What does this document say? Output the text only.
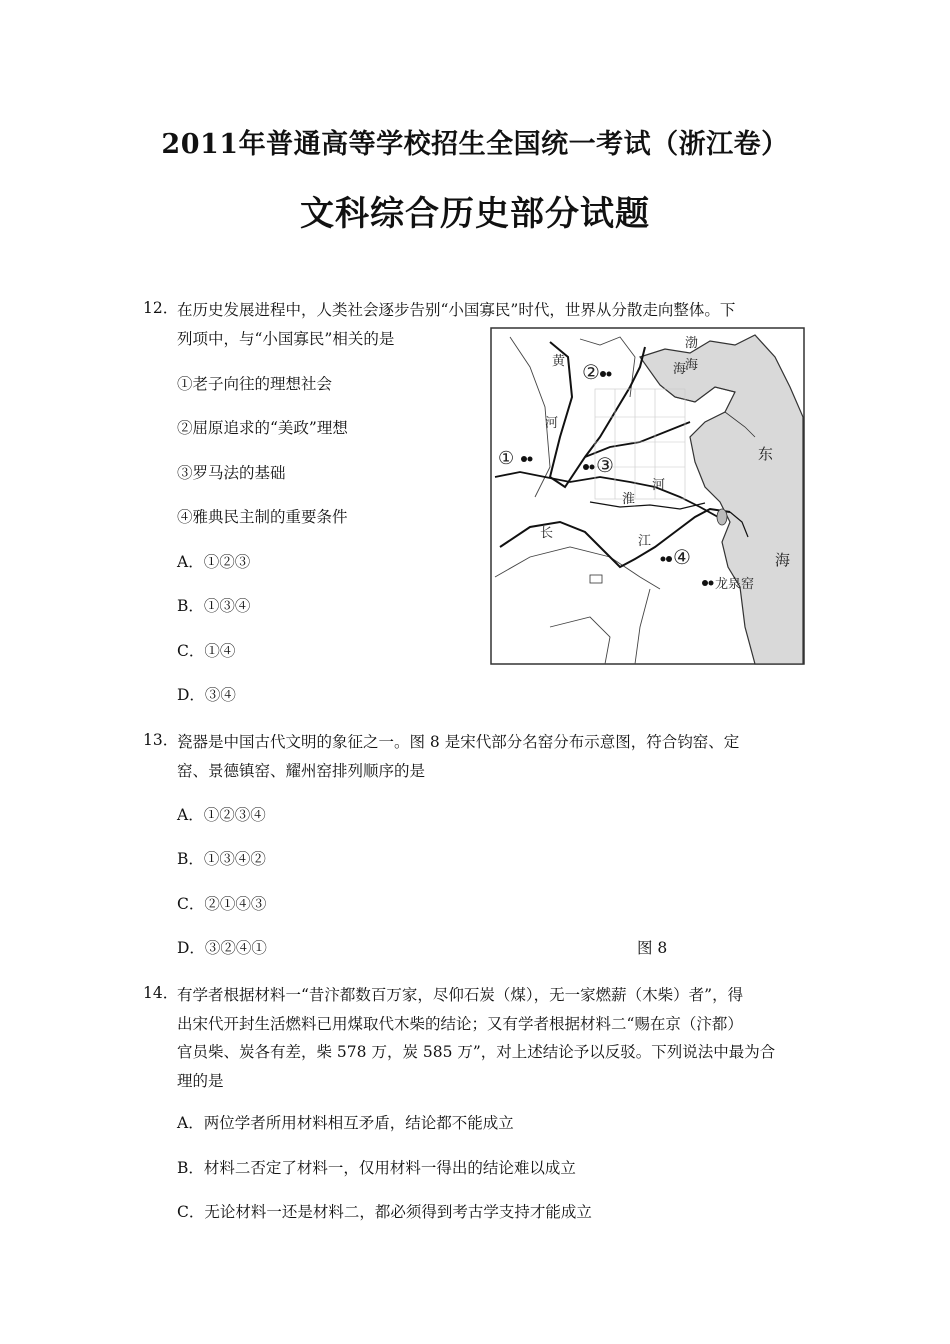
2011年普通高等学校招生全国统一考试（浙江卷）
文科综合历史部分试题
12．
在历史发展进程中，人类社会逐步告别“小国寡民”时代，世界从分散走向整体。下
列项中，与“小国寡民”相关的是
①老子向往的理想社会
②屈原追求的“美政”理想
③罗马法的基础
④雅典民主制的重要条件
A．①②③
B．①③④
C．①④
D．③④
①
②
③
④
龙泉窑
渤
海
海
黄
河
河
淮
长
江
东
海
13．
瓷器是中国古代文明的象征之一。图 8 是宋代部分名窑分布示意图，符合钧窑、定
窑、景德镇窑、耀州窑排列顺序的是
A．①②③④
B．①③④②
C．②①④③
D．③②④①	图 8
14．
有学者根据材料一“昔汴都数百万家，尽仰石炭（煤），无一家燃薪（木柴）者”，得
出宋代开封生活燃料已用煤取代木柴的结论；又有学者根据材料二“赐在京（汴都）
官员柴、炭各有差，柴 578 万，炭 585 万”，对上述结论予以反驳。下列说法中最为合
理的是
A．两位学者所用材料相互矛盾，结论都不能成立
B．材料二否定了材料一，仅用材料一得出的结论难以成立
C．无论材料一还是材料二，都必须得到考古学支持才能成立
